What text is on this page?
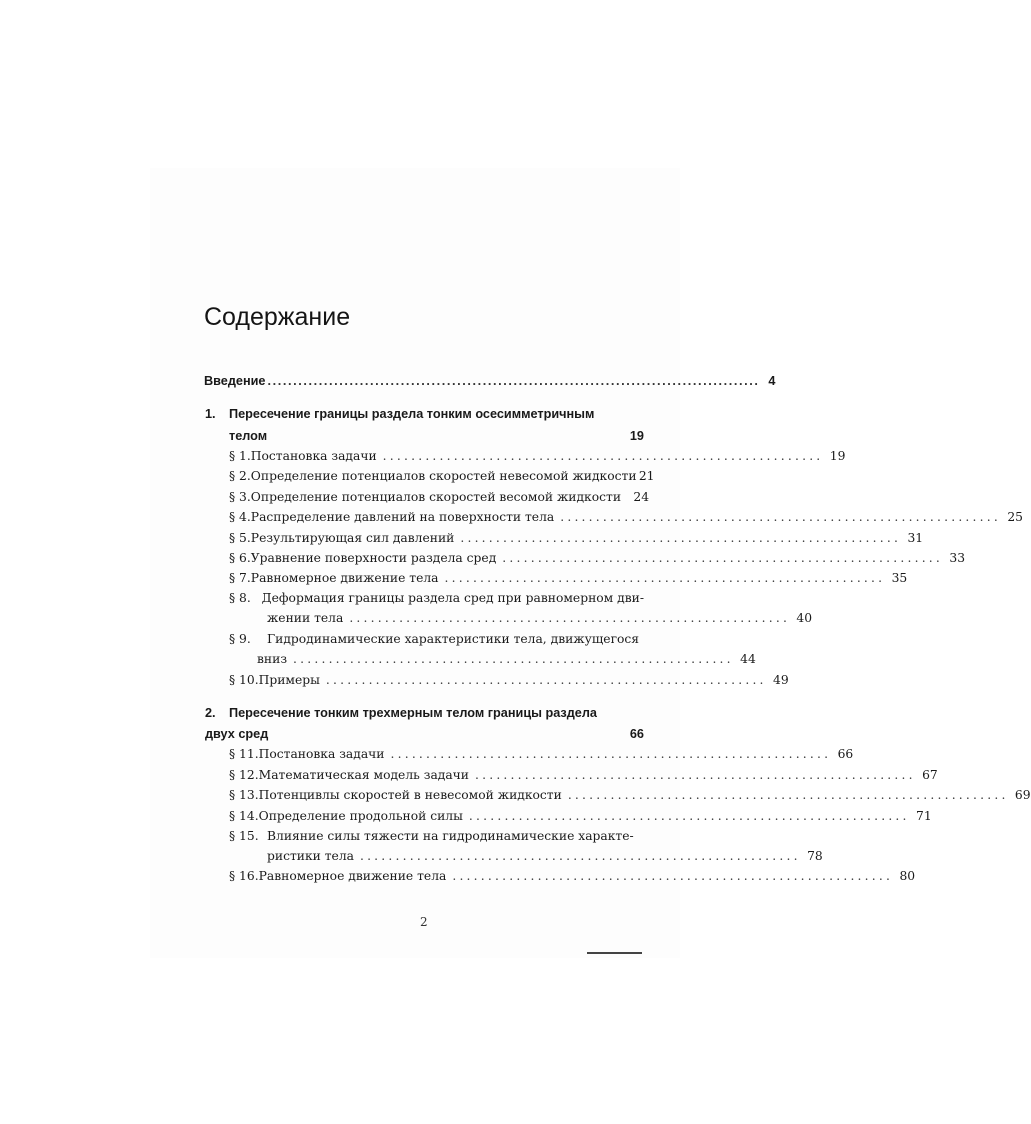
Содержание
Введение ................................................................................................ 4
1.	Пересечение границы раздела тонким осесимметричным
телом	19
§ 1. Постановка задачи .............................................................. 19
§ 2. Определение потенциалов скоростей невесомой жидкости 21
§ 3. Определение потенциалов скоростей весомой жидкости 24
§ 4. Распределение давлений на поверхности тела .............................................................. 25
§ 5. Результирующая сил давлений .............................................................. 31
§ 6. Уравнение поверхности раздела сред .............................................................. 33
§ 7. Равномерное движение тела .............................................................. 35
§ 8. Деформация границы раздела сред при равномерном дви-
жении тела .............................................................. 40
§ 9.	Гидродинамические характеристики тела, движущегося
вниз .............................................................. 44
§ 10. Примеры .............................................................. 49
2.	Пересечение тонким трехмерным телом границы раздела
двух сред	66
§ 11. Постановка задачи .............................................................. 66
§ 12. Математическая модель задачи .............................................................. 67
§ 13. Потенцивлы скоростей в невесомой жидкости .............................................................. 69
§ 14. Определение продольной силы .............................................................. 71
§ 15. Влияние силы тяжести на гидродинамические характе-
ристики тела .............................................................. 78
§ 16. Равномерное движение тела .............................................................. 80
2
